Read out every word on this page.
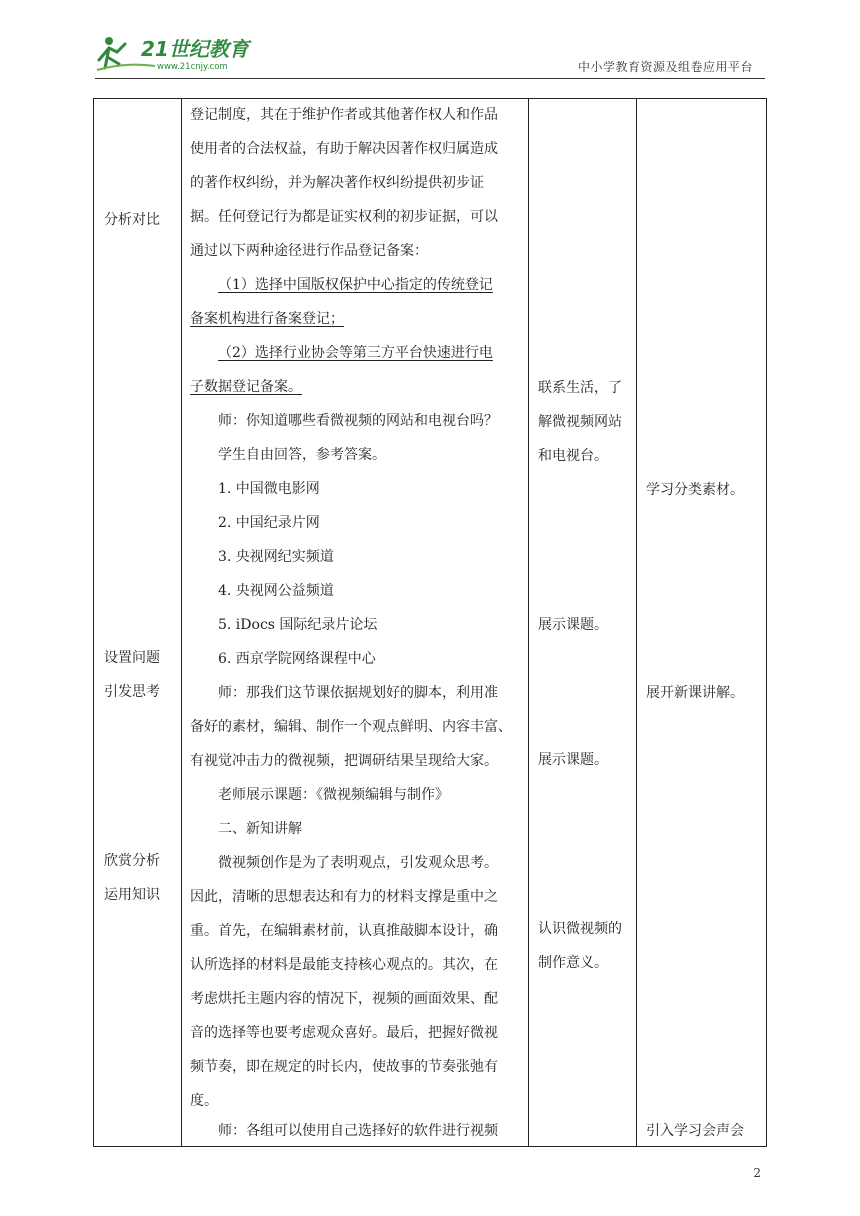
21世纪教育
www.21cnjy.com	中小学教育资源及组卷应用平台
分析对比
设置问题
引发思考
欣赏分析
运用知识
登记制度，其在于维护作者或其他著作权人和作品
使用者的合法权益，有助于解决因著作权归属造成
的著作权纠纷，并为解决著作权纠纷提供初步证
据。任何登记行为都是证实权利的初步证据，可以
通过以下两种途径进行作品登记备案：
（1）选择中国版权保护中心指定的传统登记
备案机构进行备案登记；
（2）选择行业协会等第三方平台快速进行电
子数据登记备案。
师：你知道哪些看微视频的网站和电视台吗？
学生自由回答，参考答案。
1. 中国微电影网
2. 中国纪录片网
3. 央视网纪实频道
4. 央视网公益频道
5. iDocs 国际纪录片论坛
6. 西京学院网络课程中心
师：那我们这节课依据规划好的脚本，利用准
备好的素材，编辑、制作一个观点鲜明、内容丰富、
有视觉冲击力的微视频，把调研结果呈现给大家。
老师展示课题：《微视频编辑与制作》
二、新知讲解
微视频创作是为了表明观点，引发观众思考。
因此，清晰的思想表达和有力的材料支撑是重中之
重。首先，在编辑素材前，认真推敲脚本设计，确
认所选择的材料是最能支持核心观点的。其次，在
考虑烘托主题内容的情况下，视频的画面效果、配
音的选择等也要考虑观众喜好。最后，把握好微视
频节奏，即在规定的时长内，使故事的节奏张弛有
度。
师：各组可以使用自己选择好的软件进行视频
联系生活，了
解微视频网站
和电视台。
展示课题。
展示课题。
认识微视频的
制作意义。
学习分类素材。
展开新课讲解。
引入学习会声会
2
